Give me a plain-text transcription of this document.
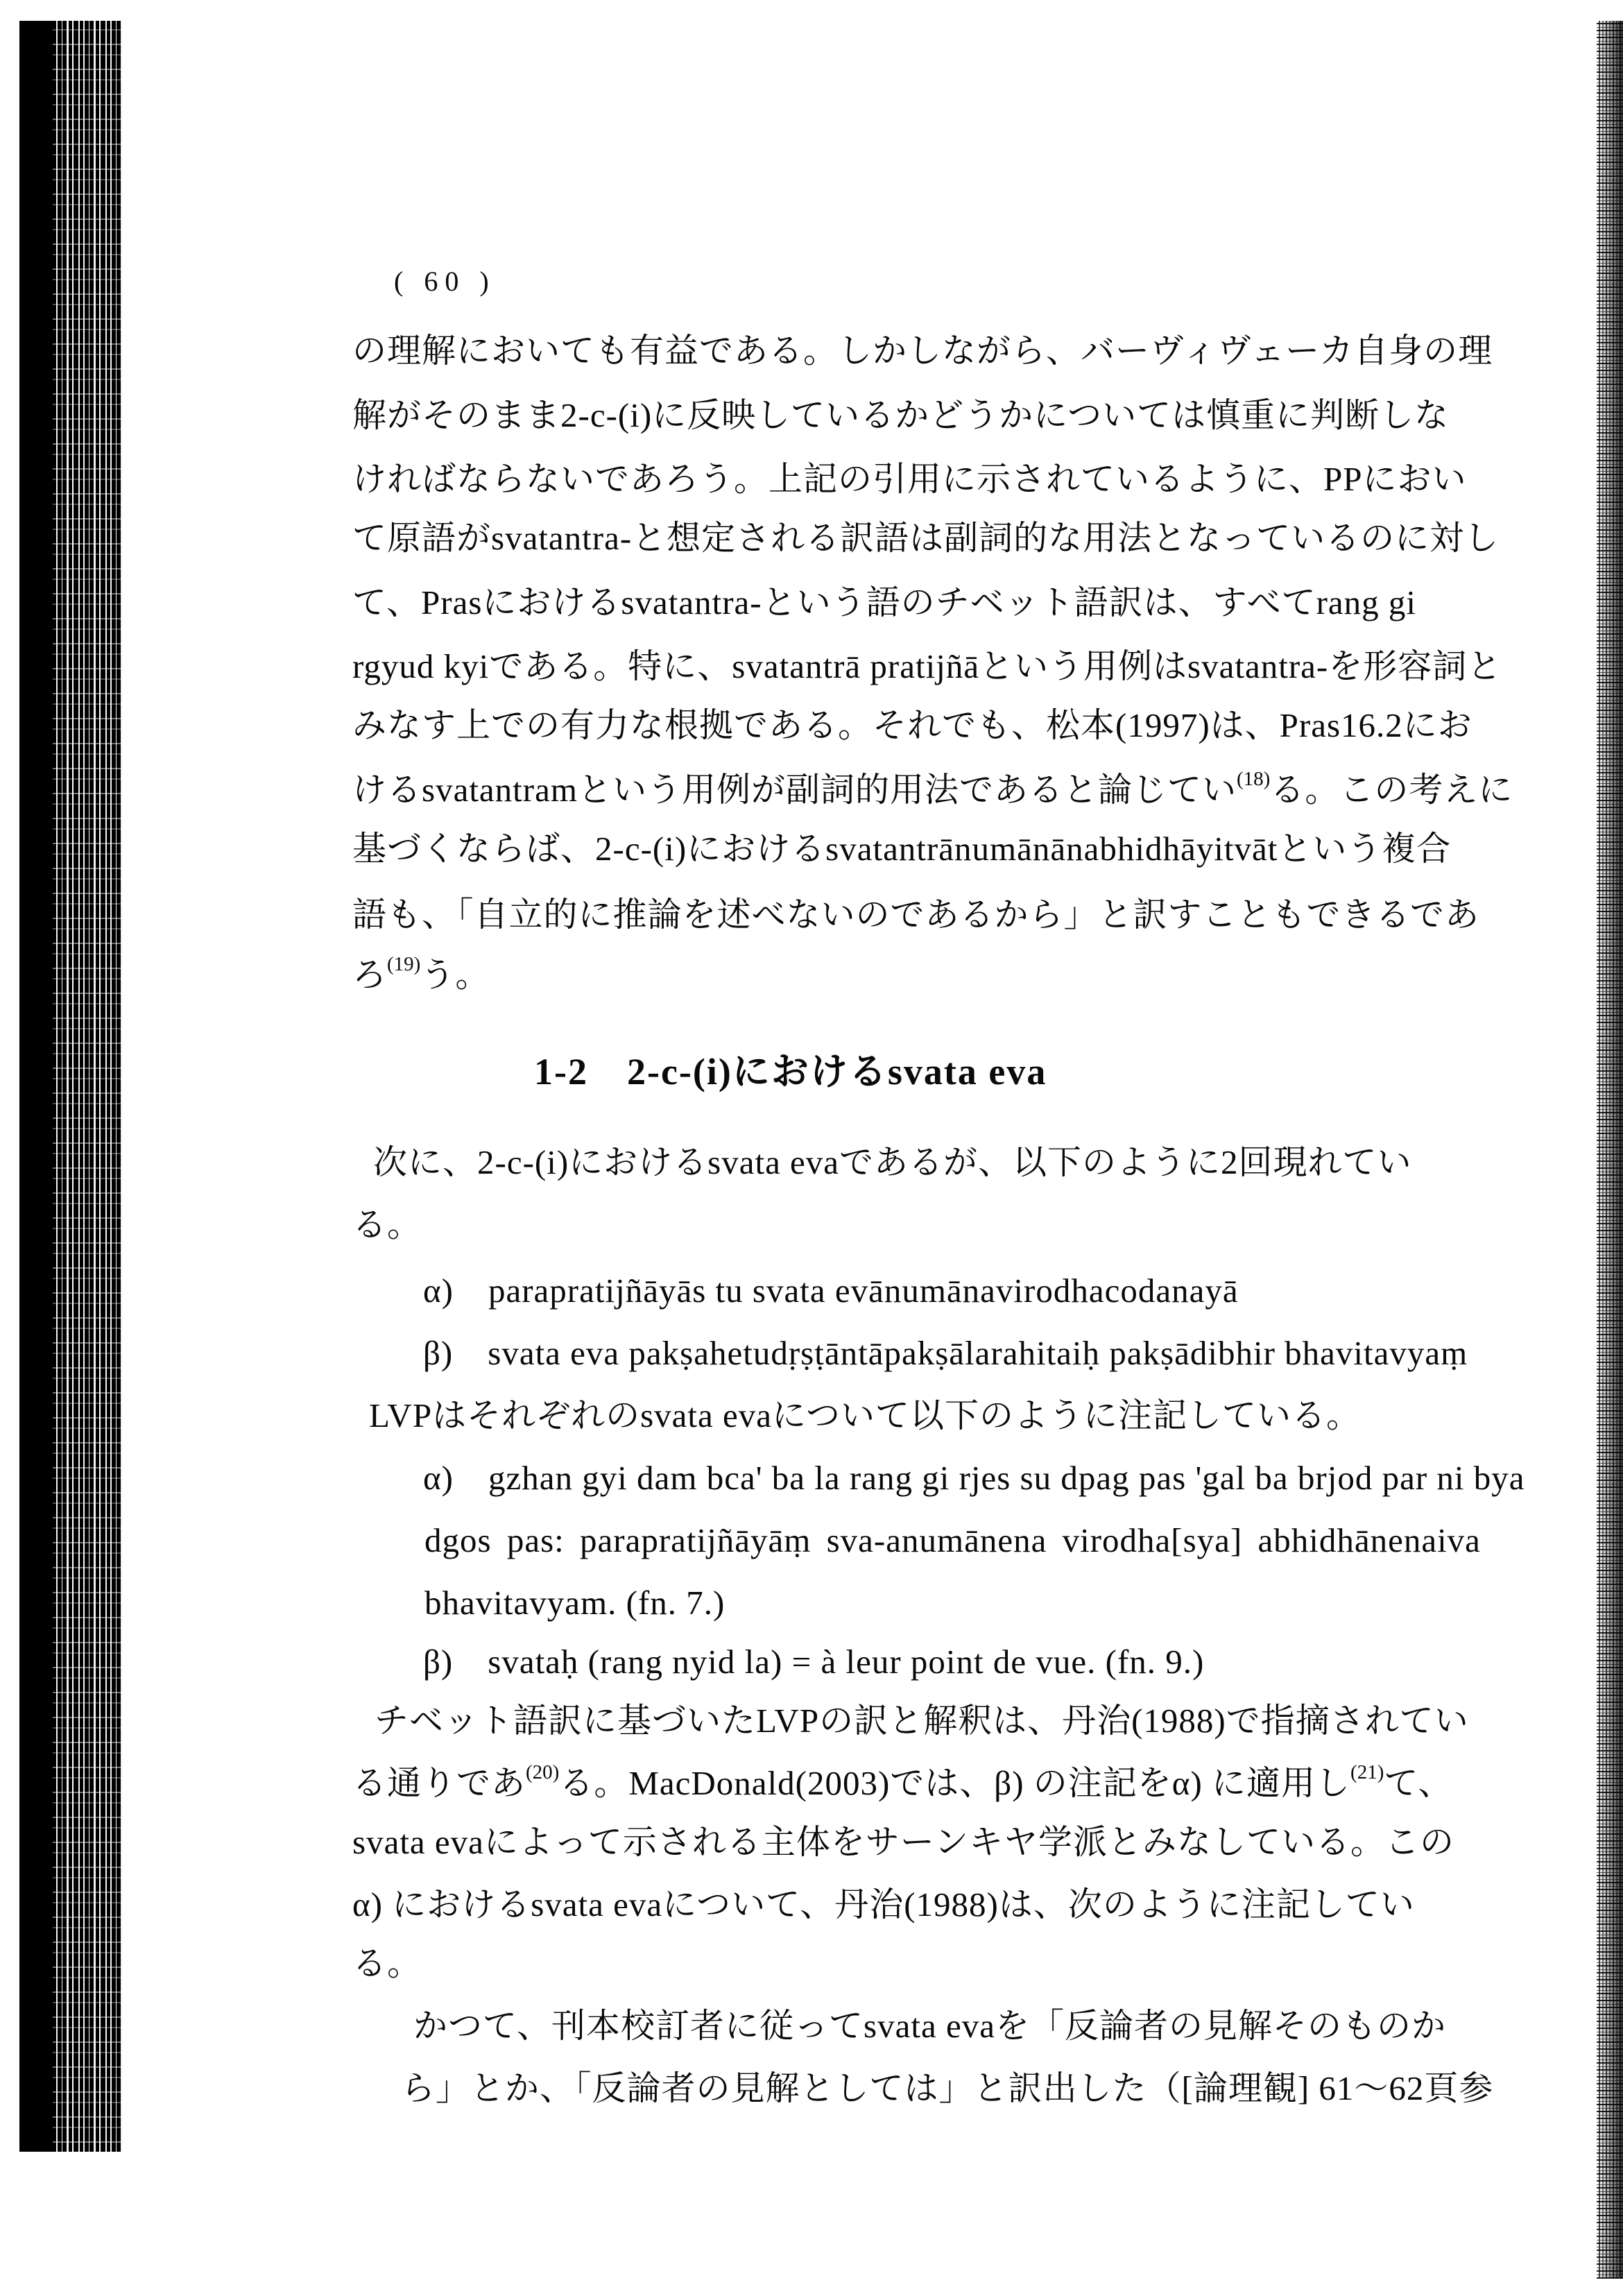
( 60 )
の理解においても有益である。しかしながら、バーヴィヴェーカ自身の理
解がそのまま2-c-(i)に反映しているかどうかについては慎重に判断しな
ければならないであろう。上記の引用に示されているように、PPにおい
て原語がsvatantra-と想定される訳語は副詞的な用法となっているのに対し
て、Prasにおけるsvatantra-という語のチベット語訳は、すべてrang gi
rgyud kyiである。特に、svatantrā pratijñāという用例はsvatantra-を形容詞と
みなす上での有力な根拠である。それでも、松本(1997)は、Pras16.2にお
けるsvatantramという用例が副詞的用法であると論じてい$^{(18)}$る。この考えに
基づくならば、2-c-(i)におけるsvatantrānumānānabhidhāyitvātという複合
語も、「自立的に推論を述べないのであるから」と訳すこともできるであ
ろ$^{(19)}$う。
1-2　2-c-(i)におけるsvata eva
次に、2-c-(i)におけるsvata evaであるが、以下のように2回現れてい
る。
α)　parapratijñāyās tu svata evānumānavirodhacodanayā
β)　svata eva pakṣahetudṛṣṭāntāpakṣālarahitaiḥ pakṣādibhir bhavitavyaṃ
LVPはそれぞれのsvata evaについて以下のように注記している。
α)　gzhan gyi dam bca' ba la rang gi rjes su dpag pas 'gal ba brjod par ni bya
dgos pas: parapratijñāyāṃ sva-anumānena virodha[sya] abhidhānenaiva
bhavitavyam. (fn. 7.)
β)　svataḥ (rang nyid la) = à leur point de vue. (fn. 9.)
チベット語訳に基づいたLVPの訳と解釈は、丹治(1988)で指摘されてい
る通りであ$^{(20)}$る。MacDonald(2003)では、β) の注記をα) に適用し$^{(21)}$て、
svata evaによって示される主体をサーンキヤ学派とみなしている。この
α) におけるsvata evaについて、丹治(1988)は、次のように注記してい
る。
かつて、刊本校訂者に従ってsvata evaを「反論者の見解そのものか
ら」とか、「反論者の見解としては」と訳出した（[論理観] 61～62頁参
